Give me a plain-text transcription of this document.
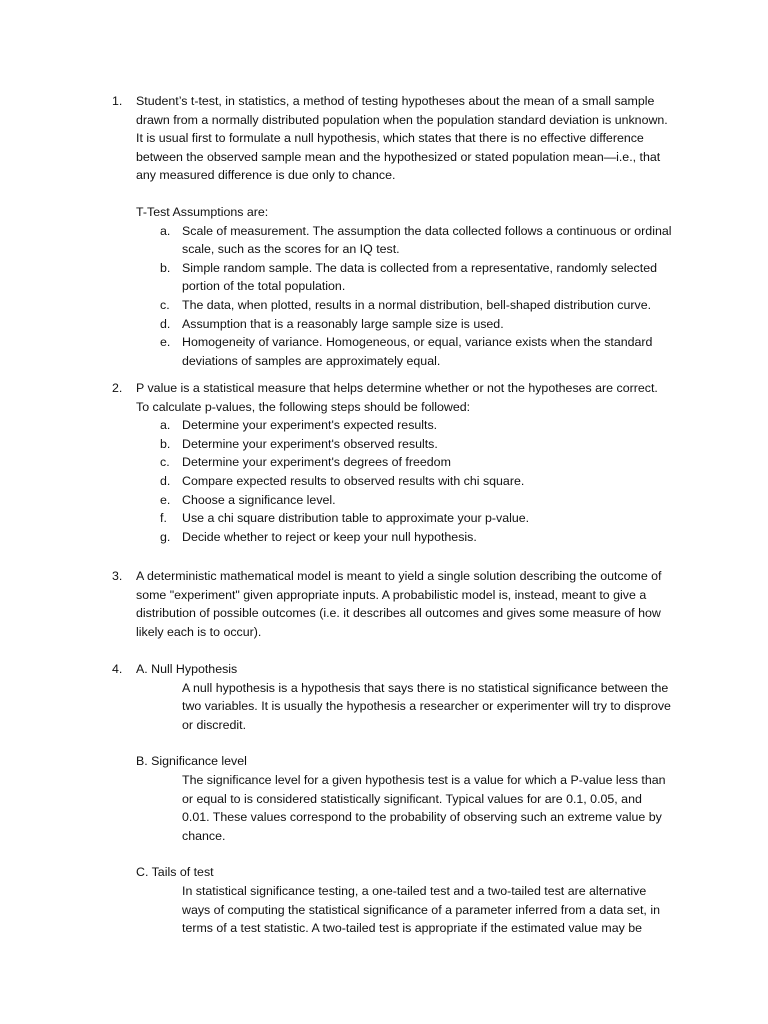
1. Student’s t-test, in statistics, a method of testing hypotheses about the mean of a small sample drawn from a normally distributed population when the population standard deviation is unknown. It is usual first to formulate a null hypothesis, which states that there is no effective difference between the observed sample mean and the hypothesized or stated population mean—i.e., that any measured difference is due only to chance.

T-Test Assumptions are:

a. Scale of measurement. The assumption the data collected follows a continuous or ordinal scale, such as the scores for an IQ test.
b. Simple random sample. The data is collected from a representative, randomly selected portion of the total population.
c. The data, when plotted, results in a normal distribution, bell-shaped distribution curve.
d. Assumption that is a reasonably large sample size is used.
e. Homogeneity of variance. Homogeneous, or equal, variance exists when the standard deviations of samples are approximately equal.
2. P value is a statistical measure that helps determine whether or not the hypotheses are correct. To calculate p-values, the following steps should be followed:

a. Determine your experiment's expected results.
b. Determine your experiment's observed results.
c. Determine your experiment's degrees of freedom
d. Compare expected results to observed results with chi square.
e. Choose a significance level.
f. Use a chi square distribution table to approximate your p-value.
g. Decide whether to reject or keep your null hypothesis.
3. A deterministic mathematical model is meant to yield a single solution describing the outcome of some "experiment" given appropriate inputs. A probabilistic model is, instead, meant to give a distribution of possible outcomes (i.e. it describes all outcomes and gives some measure of how likely each is to occur).

4. A. Null Hypothesis

A null hypothesis is a hypothesis that says there is no statistical significance between the two variables. It is usually the hypothesis a researcher or experimenter will try to disprove or discredit.

B. Significance level

The significance level for a given hypothesis test is a value for which a P-value less than or equal to is considered statistically significant. Typical values for are 0.1, 0.05, and 0.01. These values correspond to the probability of observing such an extreme value by chance.

C. Tails of test

In statistical significance testing, a one-tailed test and a two-tailed test are alternative ways of computing the statistical significance of a parameter inferred from a data set, in terms of a test statistic. A two-tailed test is appropriate if the estimated value may be
